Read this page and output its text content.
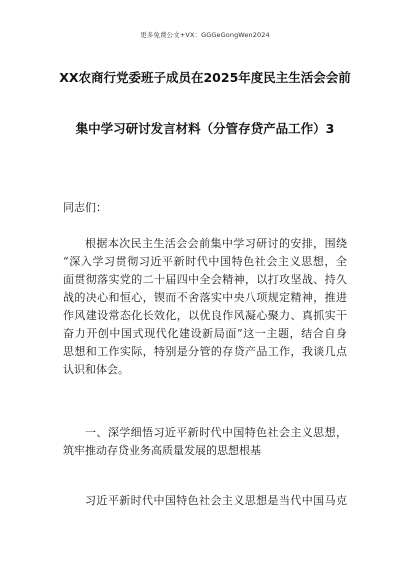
更多免费公文+VX：GGGeGongWen2024
XX农商行党委班子成员在2025年度民主生活会会前
集中学习研讨发言材料（分管存贷产品工作）3
同志们：
根据本次民主生活会会前集中学习研讨的安排，围绕
“深入学习贯彻习近平新时代中国特色社会主义思想，全
面贯彻落实党的二十届四中全会精神，以打攻坚战、持久
战的决心和恒心，锲而不舍落实中央八项规定精神，推进
作风建设常态化长效化，以优良作风凝心聚力、真抓实干
奋力开创中国式现代化建设新局面”这一主题，结合自身
思想和工作实际，特别是分管的存贷产品工作，我谈几点
认识和体会。
一、深学细悟习近平新时代中国特色社会主义思想，
筑牢推动存贷业务高质量发展的思想根基
习近平新时代中国特色社会主义思想是当代中国马克
